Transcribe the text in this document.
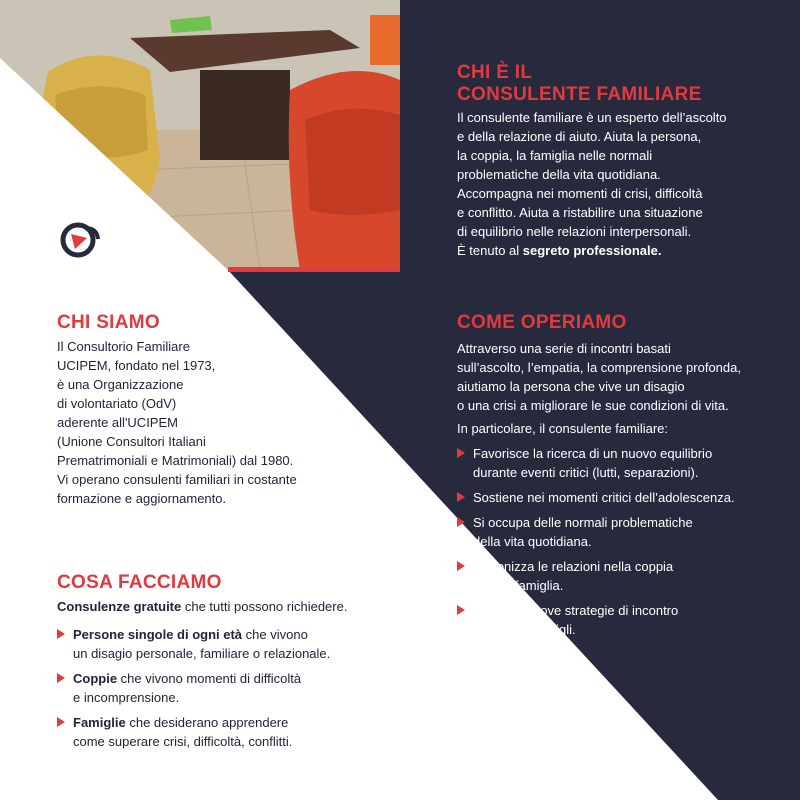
CHI È IL
CONSULENTE FAMILIARE
Il consulente familiare è un esperto dell’ascolto
e della relazione di aiuto. Aiuta la persona,
la coppia, la famiglia nelle normali
problematiche della vita quotidiana.
Accompagna nei momenti di crisi, difficoltà
e conflitto. Aiuta a ristabilire una situazione
di equilibrio nelle relazioni interpersonali.
È tenuto al segreto professionale.
CHI SIAMO
Il Consultorio Familiare
UCIPEM, fondato nel 1973,
è una Organizzazione
di volontariato (OdV)
aderente all'UCIPEM
(Unione Consultori Italiani
Prematrimoniali e Matrimoniali) dal 1980.
Vi operano consulenti familiari in costante
formazione e aggiornamento.
COME OPERIAMO
Attraverso una serie di incontri basati
sull’ascolto, l’empatia, la comprensione profonda,
aiutiamo la persona che vive un disagio
o una crisi a migliorare le sue condizioni di vita.
In particolare, il consulente familiare:
Favorisce la ricerca di un nuovo equilibrio
durante eventi critici (lutti, separazioni).
Sostiene nei momenti critici dell’adolescenza.
Si occupa delle normali problematiche
della vita quotidiana.
Armonizza le relazioni nella coppia
e nella famiglia.
Propone nuove strategie di incontro
per genitori e figli.
COSA FACCIAMO
Consulenze gratuite che tutti possono richiedere.
Persone singole di ogni età che vivono
un disagio personale, familiare o relazionale.
Coppie che vivono momenti di difficoltà
e incomprensione.
Famiglie che desiderano apprendere
come superare crisi, difficoltà, conflitti.
